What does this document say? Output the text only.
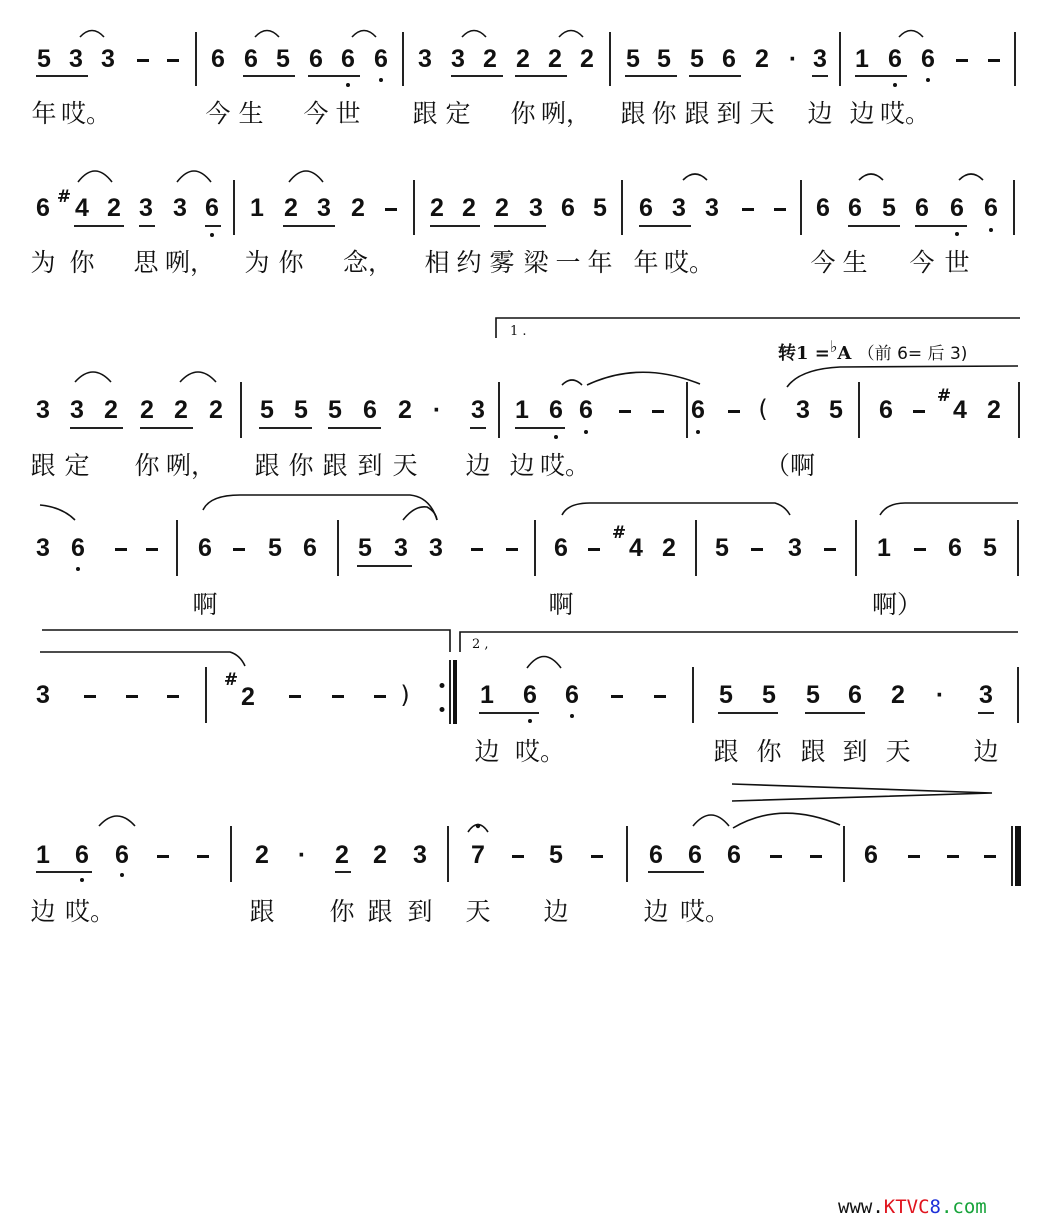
5 3 3	6 6 5 6 6 6 3 3 2 2 2 2 5 5 5 6 2 · 3 1 6 6
年 哎。	今 生 今 世 跟 定 你 咧， 跟 你 跟 到 天 边 边 哎。
6 # 4 2 3 3 6 1 2 3 2	2 2 2 3 6 5 6 3 3	6 6 5 6 6 6
为 你 思 咧， 为 你 念， 相 约 雾 梁 一 年 年 哎。	今 生 今 世
1 .
转1 =♭A （前 6= 后 3)
3 3 2 2 2 2 5 5 5 6 2 · 3 1 6 6	6 ( 3 5 6	# 4 2
跟 定 你 咧， 跟 你 跟 到 天 边 边 哎。	（啊
3 6	6 5 6 5 3 3	6
#
4 2 5 3	1 6 5
啊	啊	啊）
2 ,
3
#
2	)	1 6 6	5 5 5 6 2 · 3
边 哎。	跟 你 跟 到 天	边
1 6 6	2 · 2 2 3 7	5	6 6 6	6
边 哎。	跟 你 跟 到 天 边	边 哎。
www.KTVC8.com
